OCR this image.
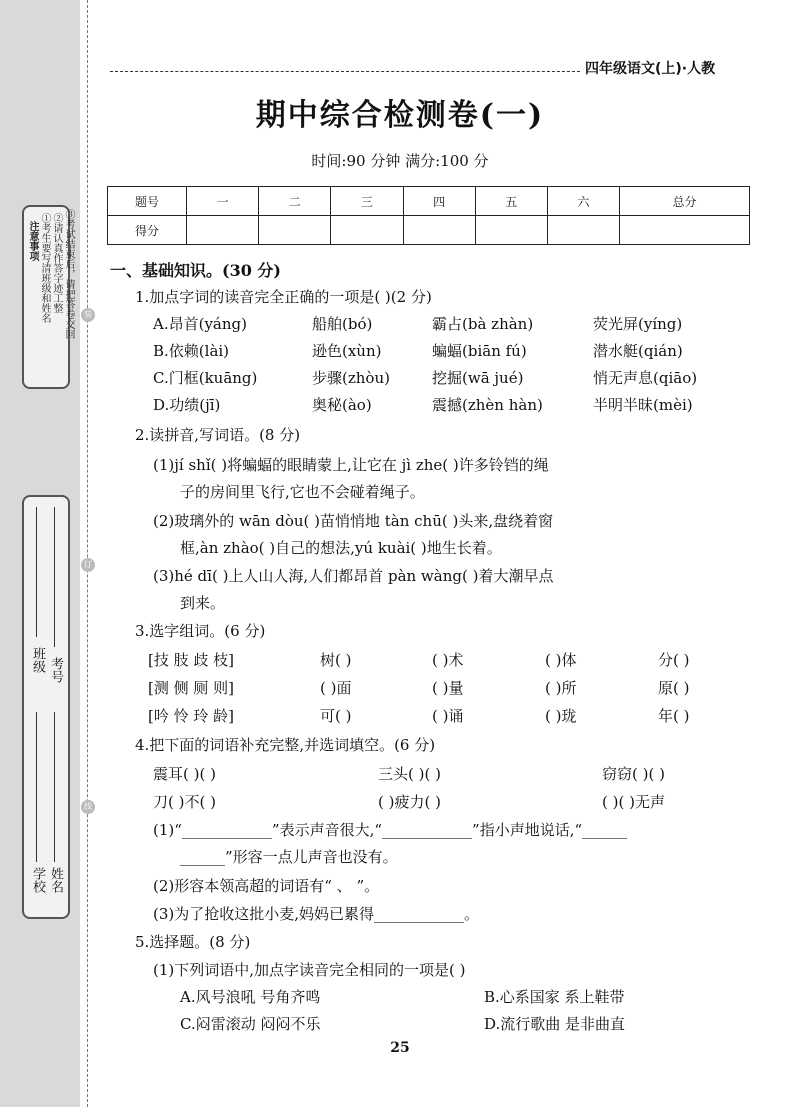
注意事项 ①考生要写清班级和姓名 ②请认真作答字迹工整 ③考试结束后，请把答卷交回
班级 考号
学校 姓名
装
订
线
四年级语文(上)·人教
期中综合检测卷(一)
时间:90 分钟 满分:100 分
题号	一	二	三	四	五	六	总分
得分							
一、基础知识。(30 分)
1.加点字词的读音完全正确的一项是( )(2 分)
A.昂首(yáng)	船舶(bó)	霸占(bà zhàn)	荧光屏(yíng)
B.依赖(lài)	逊色(xùn)	蝙蝠(biān fú)	潜水艇(qián)
C.门框(kuāng)	步骤(zhòu)	挖掘(wā jué)	悄无声息(qiāo)
D.功绩(jī)	奥秘(ào)	震撼(zhèn hàn)	半明半昧(mèi)
2.读拼音,写词语。(8 分)
(1)jí shǐ( )将蝙蝠的眼睛蒙上,让它在 jì zhe( )许多铃铛的绳
子的房间里飞行,它也不会碰着绳子。
(2)玻璃外的 wān dòu( )苗悄悄地 tàn chū( )头来,盘绕着窗
框,àn zhào( )自己的想法,yú kuài( )地生长着。
(3)hé dī( )上人山人海,人们都昂首 pàn wàng( )着大潮早点
到来。
3.选字组词。(6 分)
[技 肢 歧 枝]	树( )	( )术	( )体	分( )
[测 侧 厕 则]	( )面	( )量	( )所	原( )
[吟 怜 玲 龄]	可( )	( )诵	( )珑	年( )
4.把下面的词语补充完整,并选词填空。(6 分)
震耳( )( )	三头( )( )	窃窃( )( )
刀( )不( )	( )疲力( )	( )( )无声
(1)“____________”表示声音很大,“____________”指小声地说话,“______
______”形容一点儿声音也没有。
(2)形容本领高超的词语有“ 、 ”。
(3)为了抢收这批小麦,妈妈已累得____________。
5.选择题。(8 分)
(1)下列词语中,加点字读音完全相同的一项是( )
A.风号浪吼 号角齐鸣	B.心系国家 系上鞋带
C.闷雷滚动 闷闷不乐	D.流行歌曲 是非曲直
25
